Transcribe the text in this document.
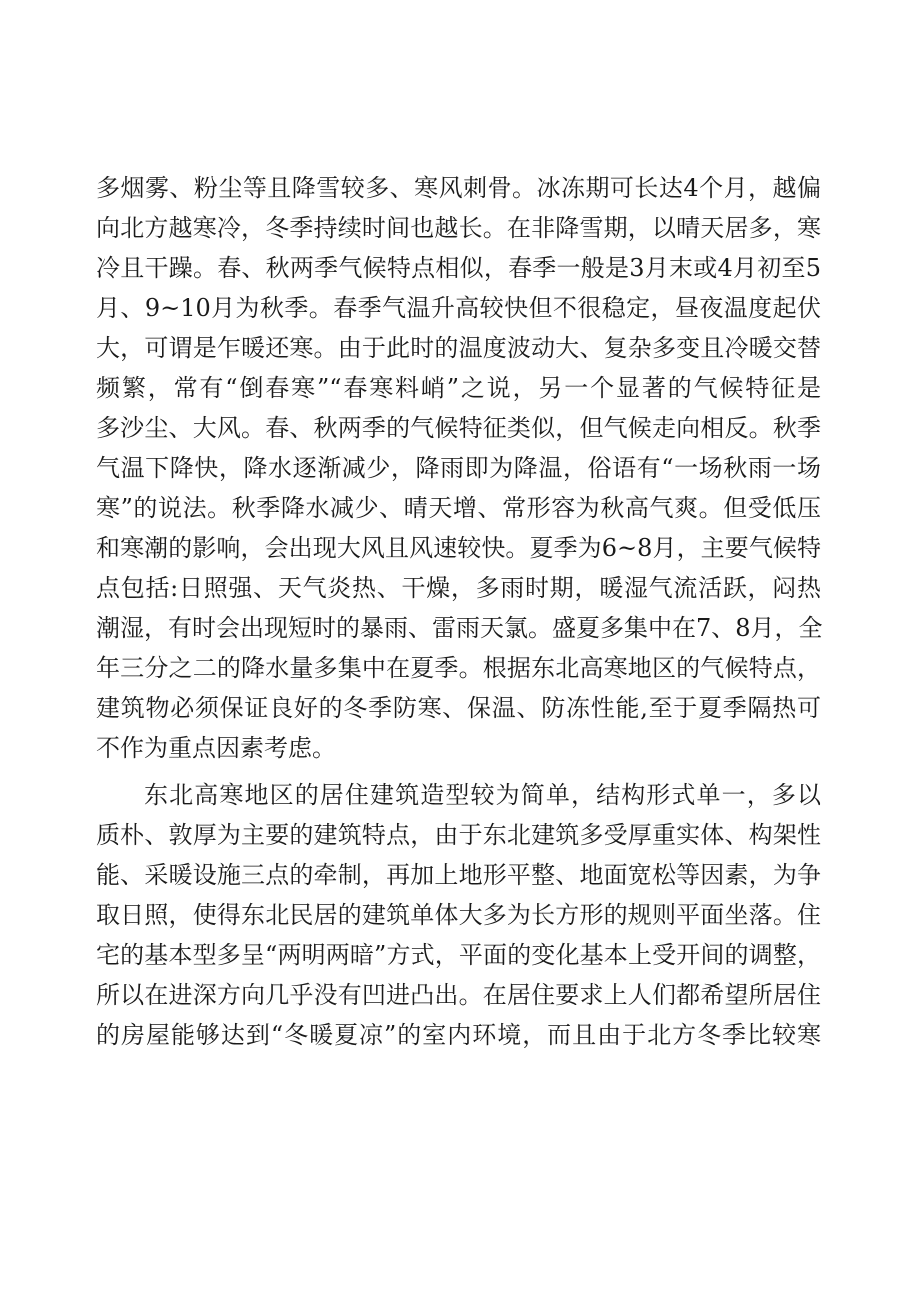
多烟雾、粉尘等且降雪较多、寒风刺骨。冰冻期可长达4个月，越偏
向北方越寒冷，冬季持续时间也越长。在非降雪期，以晴天居多，寒
冷且干躁。春、秋两季气候特点相似，春季一般是3月末或4月初至5
月、9~10月为秋季。春季气温升高较快但不很稳定，昼夜温度起伏
大，可谓是乍暖还寒。由于此时的温度波动大、复杂多变且冷暖交替
频繁，常有“倒春寒”“春寒料峭”之说，另一个显著的气候特征是
多沙尘、大风。春、秋两季的气候特征类似，但气候走向相反。秋季
气温下降快，降水逐渐减少，降雨即为降温，俗语有“一场秋雨一场
寒”的说法。秋季降水减少、晴天增、常形容为秋高气爽。但受低压
和寒潮的影响，会出现大风且风速较快。夏季为6~8月，主要气候特
点包括:日照强、天气炎热、干燥，多雨时期，暖湿气流活跃，闷热
潮湿，有时会出现短时的暴雨、雷雨天氯。盛夏多集中在7、8月，全
年三分之二的降水量多集中在夏季。根据东北高寒地区的气候特点，
建筑物必须保证良好的冬季防寒、保温、防冻性能,至于夏季隔热可
不作为重点因素考虑。
东北高寒地区的居住建筑造型较为简单，结构形式单一，多以
质朴、敦厚为主要的建筑特点，由于东北建筑多受厚重实体、构架性
能、采暖设施三点的牵制，再加上地形平整、地面宽松等因素，为争
取日照，使得东北民居的建筑单体大多为长方形的规则平面坐落。住
宅的基本型多呈“两明两暗”方式，平面的变化基本上受开间的调整，
所以在进深方向几乎没有凹进凸出。在居住要求上人们都希望所居住
的房屋能够达到“冬暖夏凉”的室内环境，而且由于北方冬季比较寒
